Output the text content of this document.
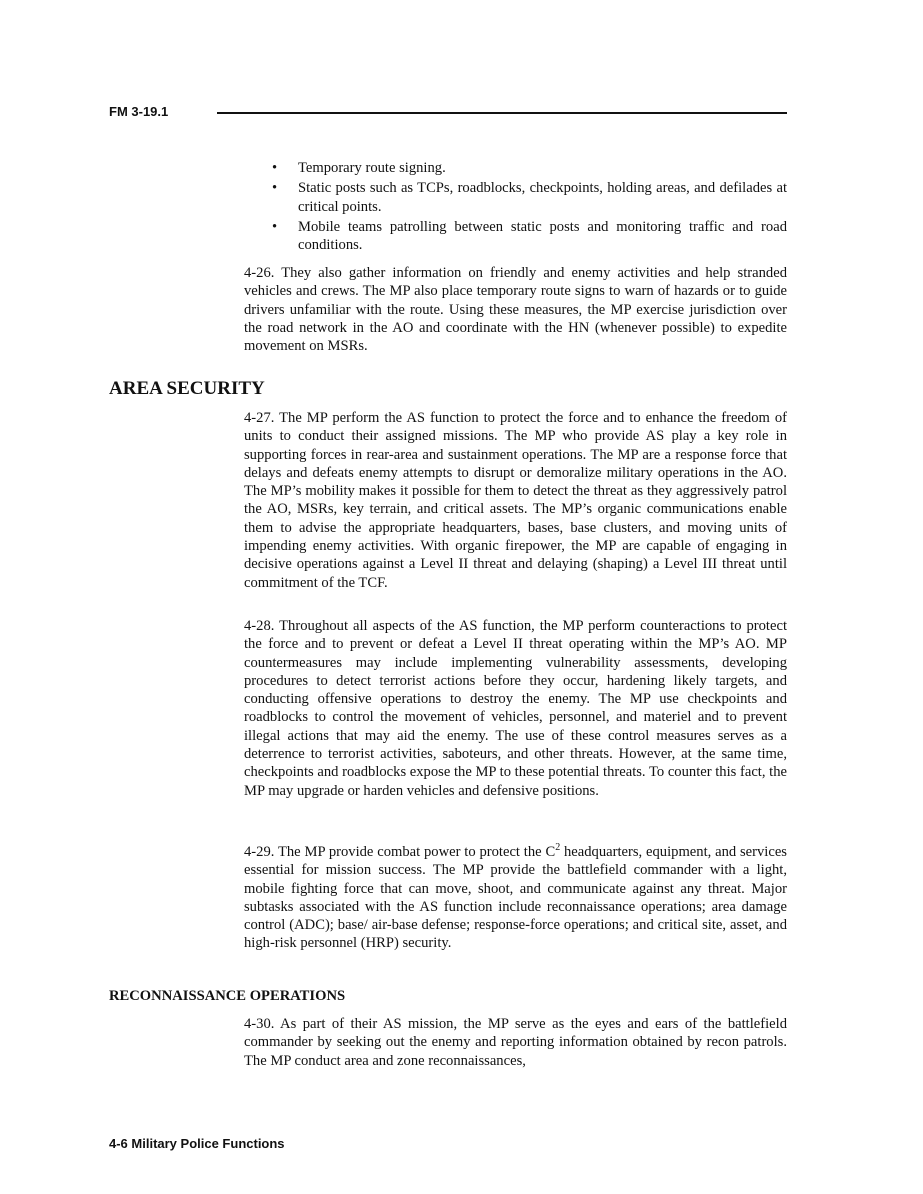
FM 3-19.1
• Temporary route signing.
• Static posts such as TCPs, roadblocks, checkpoints, holding areas, and defilades at critical points.
• Mobile teams patrolling between static posts and monitoring traffic and road conditions.

4-26. They also gather information on friendly and enemy activities and help stranded vehicles and crews. The MP also place temporary route signs to warn of hazards or to guide drivers unfamiliar with the route. Using these measures, the MP exercise jurisdiction over the road network in the AO and coordinate with the HN (whenever possible) to expedite movement on MSRs.

AREA SECURITY

4-27. The MP perform the AS function to protect the force and to enhance the freedom of units to conduct their assigned missions. The MP who provide AS play a key role in supporting forces in rear-area and sustainment operations. The MP are a response force that delays and defeats enemy attempts to disrupt or demoralize military operations in the AO. The MP’s mobility makes it possible for them to detect the threat as they aggressively patrol the AO, MSRs, key terrain, and critical assets. The MP’s organic communications enable them to advise the appropriate headquarters, bases, base clusters, and moving units of impending enemy activities. With organic firepower, the MP are capable of engaging in decisive operations against a Level II threat and delaying (shaping) a Level III threat until commitment of the TCF.

4-28. Throughout all aspects of the AS function, the MP perform counteractions to protect the force and to prevent or defeat a Level II threat operating within the MP’s AO. MP countermeasures may include implementing vulnerability assessments, developing procedures to detect terrorist actions before they occur, hardening likely targets, and conducting offensive operations to destroy the enemy. The MP use checkpoints and roadblocks to control the movement of vehicles, personnel, and materiel and to prevent illegal actions that may aid the enemy. The use of these control measures serves as a deterrence to terrorist activities, saboteurs, and other threats. However, at the same time, checkpoints and roadblocks expose the MP to these potential threats. To counter this fact, the MP may upgrade or harden vehicles and defensive positions.

4-29. The MP provide combat power to protect the $C^2$ headquarters, equipment, and services essential for mission success. The MP provide the battlefield commander with a light, mobile fighting force that can move, shoot, and communicate against any threat. Major subtasks associated with the AS function include reconnaissance operations; area damage control (ADC); base/ air-base defense; response-force operations; and critical site, asset, and high-risk personnel (HRP) security.

RECONNAISSANCE OPERATIONS

4-30. As part of their AS mission, the MP serve as the eyes and ears of the battlefield commander by seeking out the enemy and reporting information obtained by recon patrols. The MP conduct area and zone reconnaissances,

4-6 Military Police Functions
